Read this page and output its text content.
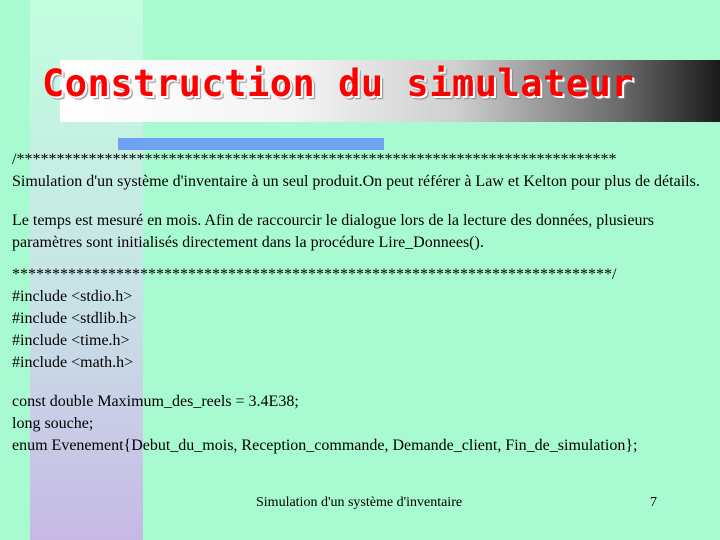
Construction du simulateur
/***************************************************************************
Simulation d'un système d'inventaire à un seul produit.On peut référer à Law et Kelton pour plus de détails.
Le temps est mesuré en mois. Afin de raccourcir le dialogue lors de la lecture des données, plusieurs paramètres sont initialisés directement dans la procédure Lire_Donnees().
***************************************************************************/
#include <stdio.h>
#include <stdlib.h>
#include <time.h>
#include <math.h>
const double Maximum_des_reels = 3.4E38;
long souche;
enum Evenement{Debut_du_mois, Reception_commande, Demande_client, Fin_de_simulation};
Simulation d'un système d'inventaire	7
